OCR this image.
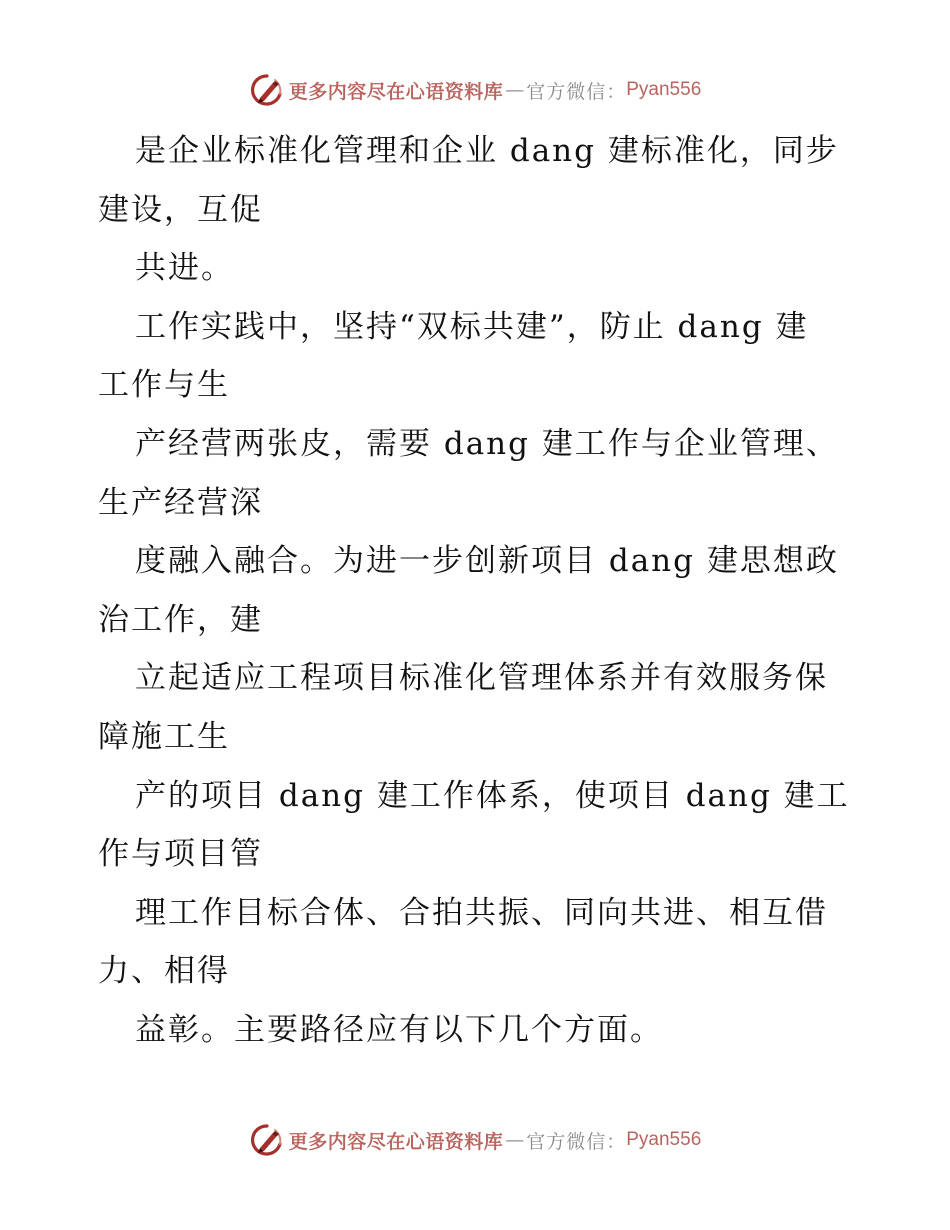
更多内容尽在心语资料库 — 官方微信： Pyan556
是企业标准化管理和企业 dang 建标准化，同步
建设，互促
共进。
工作实践中，坚持“双标共建”，防止 dang 建
工作与生
产经营两张皮，需要 dang 建工作与企业管理、
生产经营深
度融入融合。为进一步创新项目 dang 建思想政
治工作，建
立起适应工程项目标准化管理体系并有效服务保
障施工生
产的项目 dang 建工作体系，使项目 dang 建工
作与项目管
理工作目标合体、合拍共振、同向共进、相互借
力、相得
益彰。主要路径应有以下几个方面。
更多内容尽在心语资料库 — 官方微信： Pyan556
